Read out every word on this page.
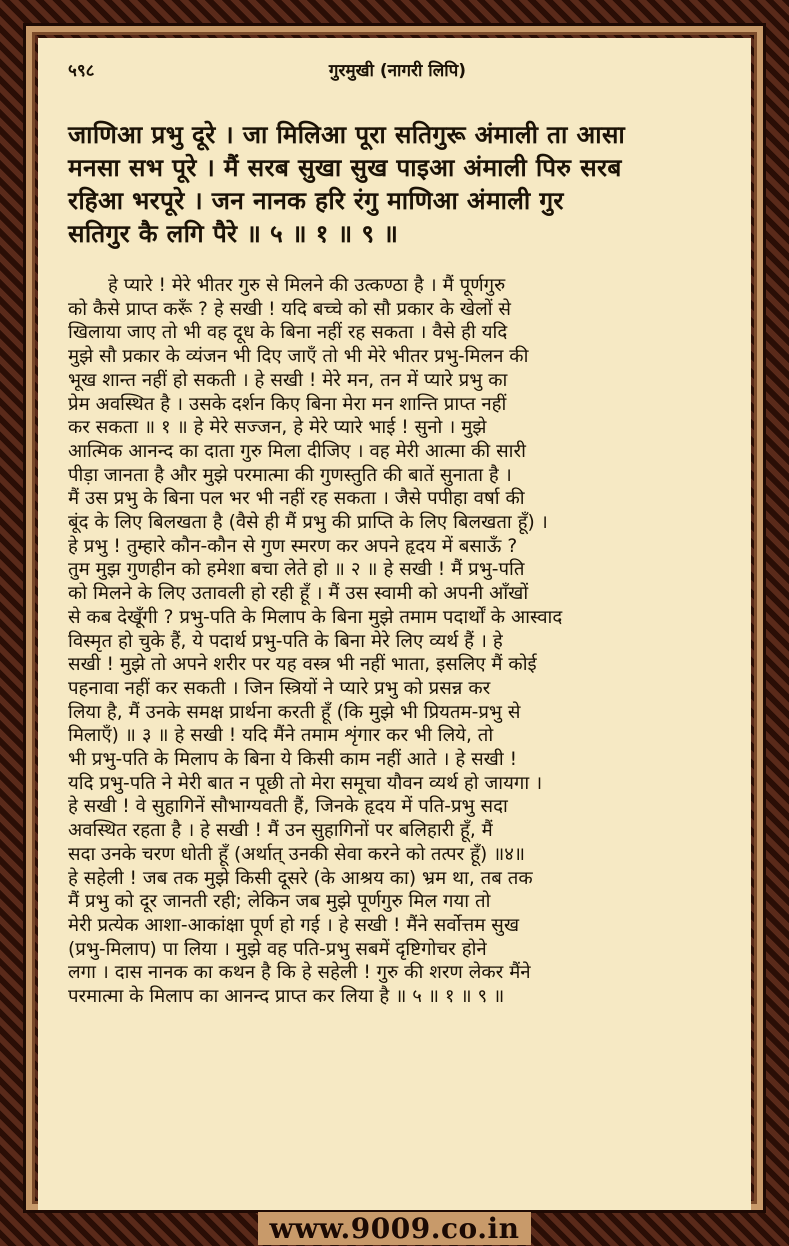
५९८	गुरमुखी (नागरी लिपि)
जाणिआ प्रभु दूरे । जा मिलिआ पूरा सतिगुरू अंमाली ता आसा
मनसा सभ पूरे । मैं सरब सुखा सुख पाइआ अंमाली पिरु सरब
रहिआ भरपूरे । जन नानक हरि रंगु माणिआ अंमाली गुर
सतिगुर कै लगि पैरे ॥ ५ ॥ १ ॥ ९ ॥
हे प्यारे ! मेरे भीतर गुरु से मिलने की उत्कण्ठा है । मैं पूर्णगुरु
को कैसे प्राप्त करूँ ? हे सखी ! यदि बच्चे को सौ प्रकार के खेलों से
खिलाया जाए तो भी वह दूध के बिना नहीं रह सकता । वैसे ही यदि
मुझे सौ प्रकार के व्यंजन भी दिए जाएँ तो भी मेरे भीतर प्रभु-मिलन की
भूख शान्त नहीं हो सकती । हे सखी ! मेरे मन, तन में प्यारे प्रभु का
प्रेम अवस्थित है । उसके दर्शन किए बिना मेरा मन शान्ति प्राप्त नहीं
कर सकता ॥ १ ॥ हे मेरे सज्जन, हे मेरे प्यारे भाई ! सुनो । मुझे
आत्मिक आनन्द का दाता गुरु मिला दीजिए । वह मेरी आत्मा की सारी
पीड़ा जानता है और मुझे परमात्मा की गुणस्तुति की बातें सुनाता है ।
मैं उस प्रभु के बिना पल भर भी नहीं रह सकता । जैसे पपीहा वर्षा की
बूंद के लिए बिलखता है (वैसे ही मैं प्रभु की प्राप्ति के लिए बिलखता हूँ) ।
हे प्रभु ! तुम्हारे कौन-कौन से गुण स्मरण कर अपने हृदय में बसाऊँ ?
तुम मुझ गुणहीन को हमेशा बचा लेते हो ॥ २ ॥ हे सखी ! मैं प्रभु-पति
को मिलने के लिए उतावली हो रही हूँ । मैं उस स्वामी को अपनी आँखों
से कब देखूँगी ? प्रभु-पति के मिलाप के बिना मुझे तमाम पदार्थों के आस्वाद
विस्मृत हो चुके हैं, ये पदार्थ प्रभु-पति के बिना मेरे लिए व्यर्थ हैं । हे
सखी ! मुझे तो अपने शरीर पर यह वस्त्र भी नहीं भाता, इसलिए मैं कोई
पहनावा नहीं कर सकती । जिन स्त्रियों ने प्यारे प्रभु को प्रसन्न कर
लिया है, मैं उनके समक्ष प्रार्थना करती हूँ (कि मुझे भी प्रियतम-प्रभु से
मिलाएँ) ॥ ३ ॥ हे सखी ! यदि मैंने तमाम शृंगार कर भी लिये, तो
भी प्रभु-पति के मिलाप के बिना ये किसी काम नहीं आते । हे सखी !
यदि प्रभु-पति ने मेरी बात न पूछी तो मेरा समूचा यौवन व्यर्थ हो जायगा ।
हे सखी ! वे सुहागिनें सौभाग्यवती हैं, जिनके हृदय में पति-प्रभु सदा
अवस्थित रहता है । हे सखी ! मैं उन सुहागिनों पर बलिहारी हूँ, मैं
सदा उनके चरण धोती हूँ (अर्थात् उनकी सेवा करने को तत्पर हूँ) ॥४॥
हे सहेली ! जब तक मुझे किसी दूसरे (के आश्रय का) भ्रम था, तब तक
मैं प्रभु को दूर जानती रही; लेकिन जब मुझे पूर्णगुरु मिल गया तो
मेरी प्रत्येक आशा-आकांक्षा पूर्ण हो गई । हे सखी ! मैंने सर्वोत्तम सुख
(प्रभु-मिलाप) पा लिया । मुझे वह पति-प्रभु सबमें दृष्टिगोचर होने
लगा । दास नानक का कथन है कि हे सहेली ! गुरु की शरण लेकर मैंने
परमात्मा के मिलाप का आनन्द प्राप्त कर लिया है ॥ ५ ॥ १ ॥ ९ ॥
www.9009.co.in
